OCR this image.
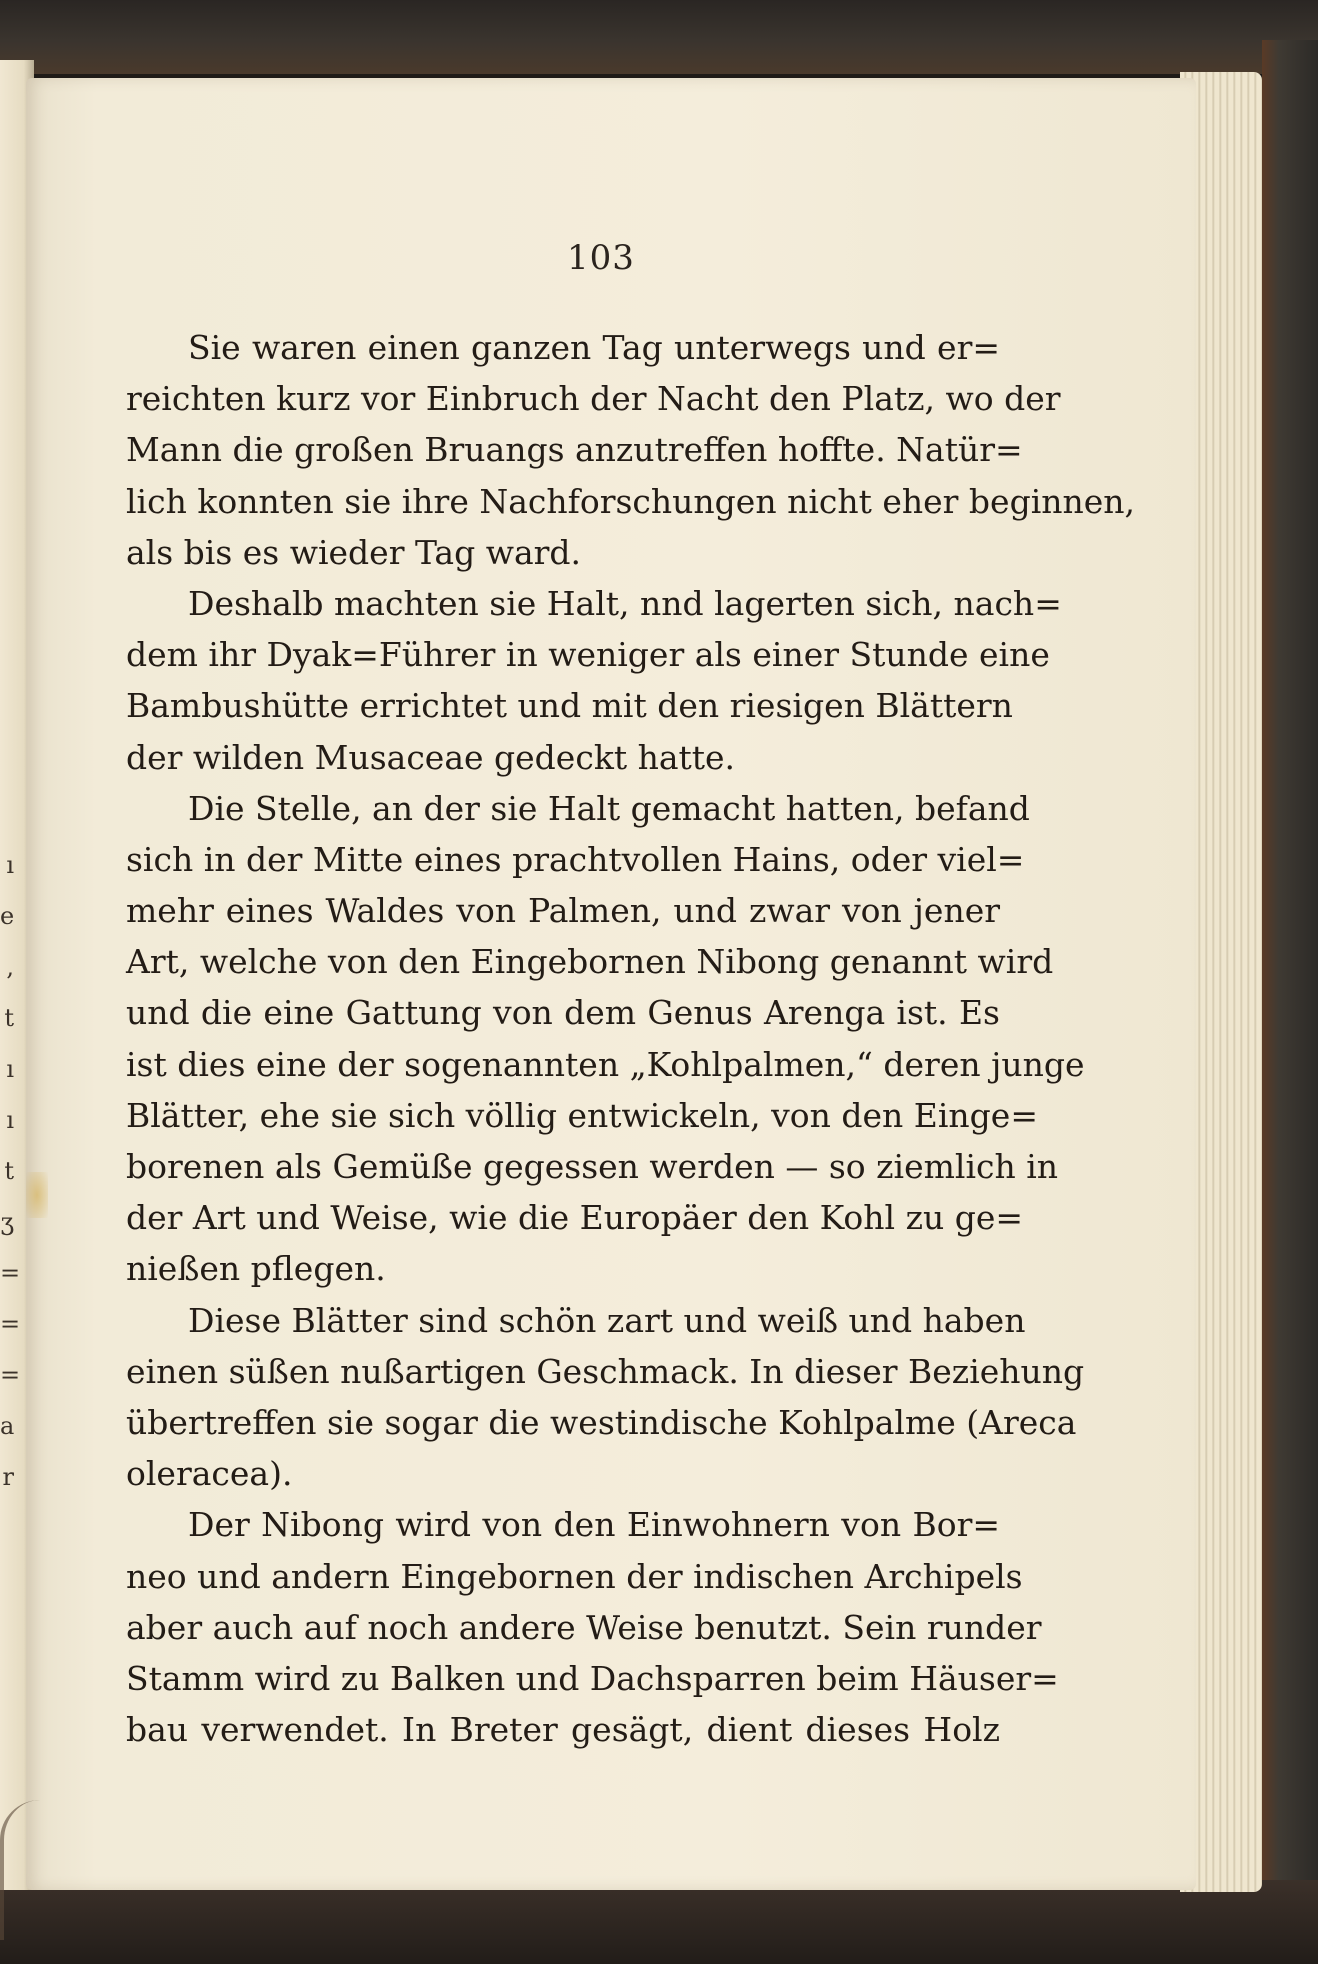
ı
e
,
t
ı
ı
t
ʒ
=
=
=
a
r
103
Sie waren einen ganzen Tag unterwegs und er=
reichten kurz vor Einbruch der Nacht den Platz, wo der
Mann die großen Bruangs anzutreffen hoffte. Natür=
lich konnten sie ihre Nachforschungen nicht eher beginnen,
als bis es wieder Tag ward.
Deshalb machten sie Halt, nnd lagerten sich, nach=
dem ihr Dyak=Führer in weniger als einer Stunde eine
Bambushütte errichtet und mit den riesigen Blättern
der wilden Musaceae gedeckt hatte.
Die Stelle, an der sie Halt gemacht hatten, befand
sich in der Mitte eines prachtvollen Hains, oder viel=
mehr eines Waldes von Palmen, und zwar von jener
Art, welche von den Eingebornen Nibong genannt wird
und die eine Gattung von dem Genus Arenga ist. Es
ist dies eine der sogenannten „Kohlpalmen,“ deren junge
Blätter, ehe sie sich völlig entwickeln, von den Einge=
borenen als Gemüße gegessen werden — so ziemlich in
der Art und Weise, wie die Europäer den Kohl zu ge=
nießen pflegen.
Diese Blätter sind schön zart und weiß und haben
einen süßen nußartigen Geschmack. In dieser Beziehung
übertreffen sie sogar die westindische Kohlpalme (Areca
oleracea).
Der Nibong wird von den Einwohnern von Bor=
neo und andern Eingebornen der indischen Archipels
aber auch auf noch andere Weise benutzt. Sein runder
Stamm wird zu Balken und Dachsparren beim Häuser=
bau verwendet. In Breter gesägt, dient dieses Holz
